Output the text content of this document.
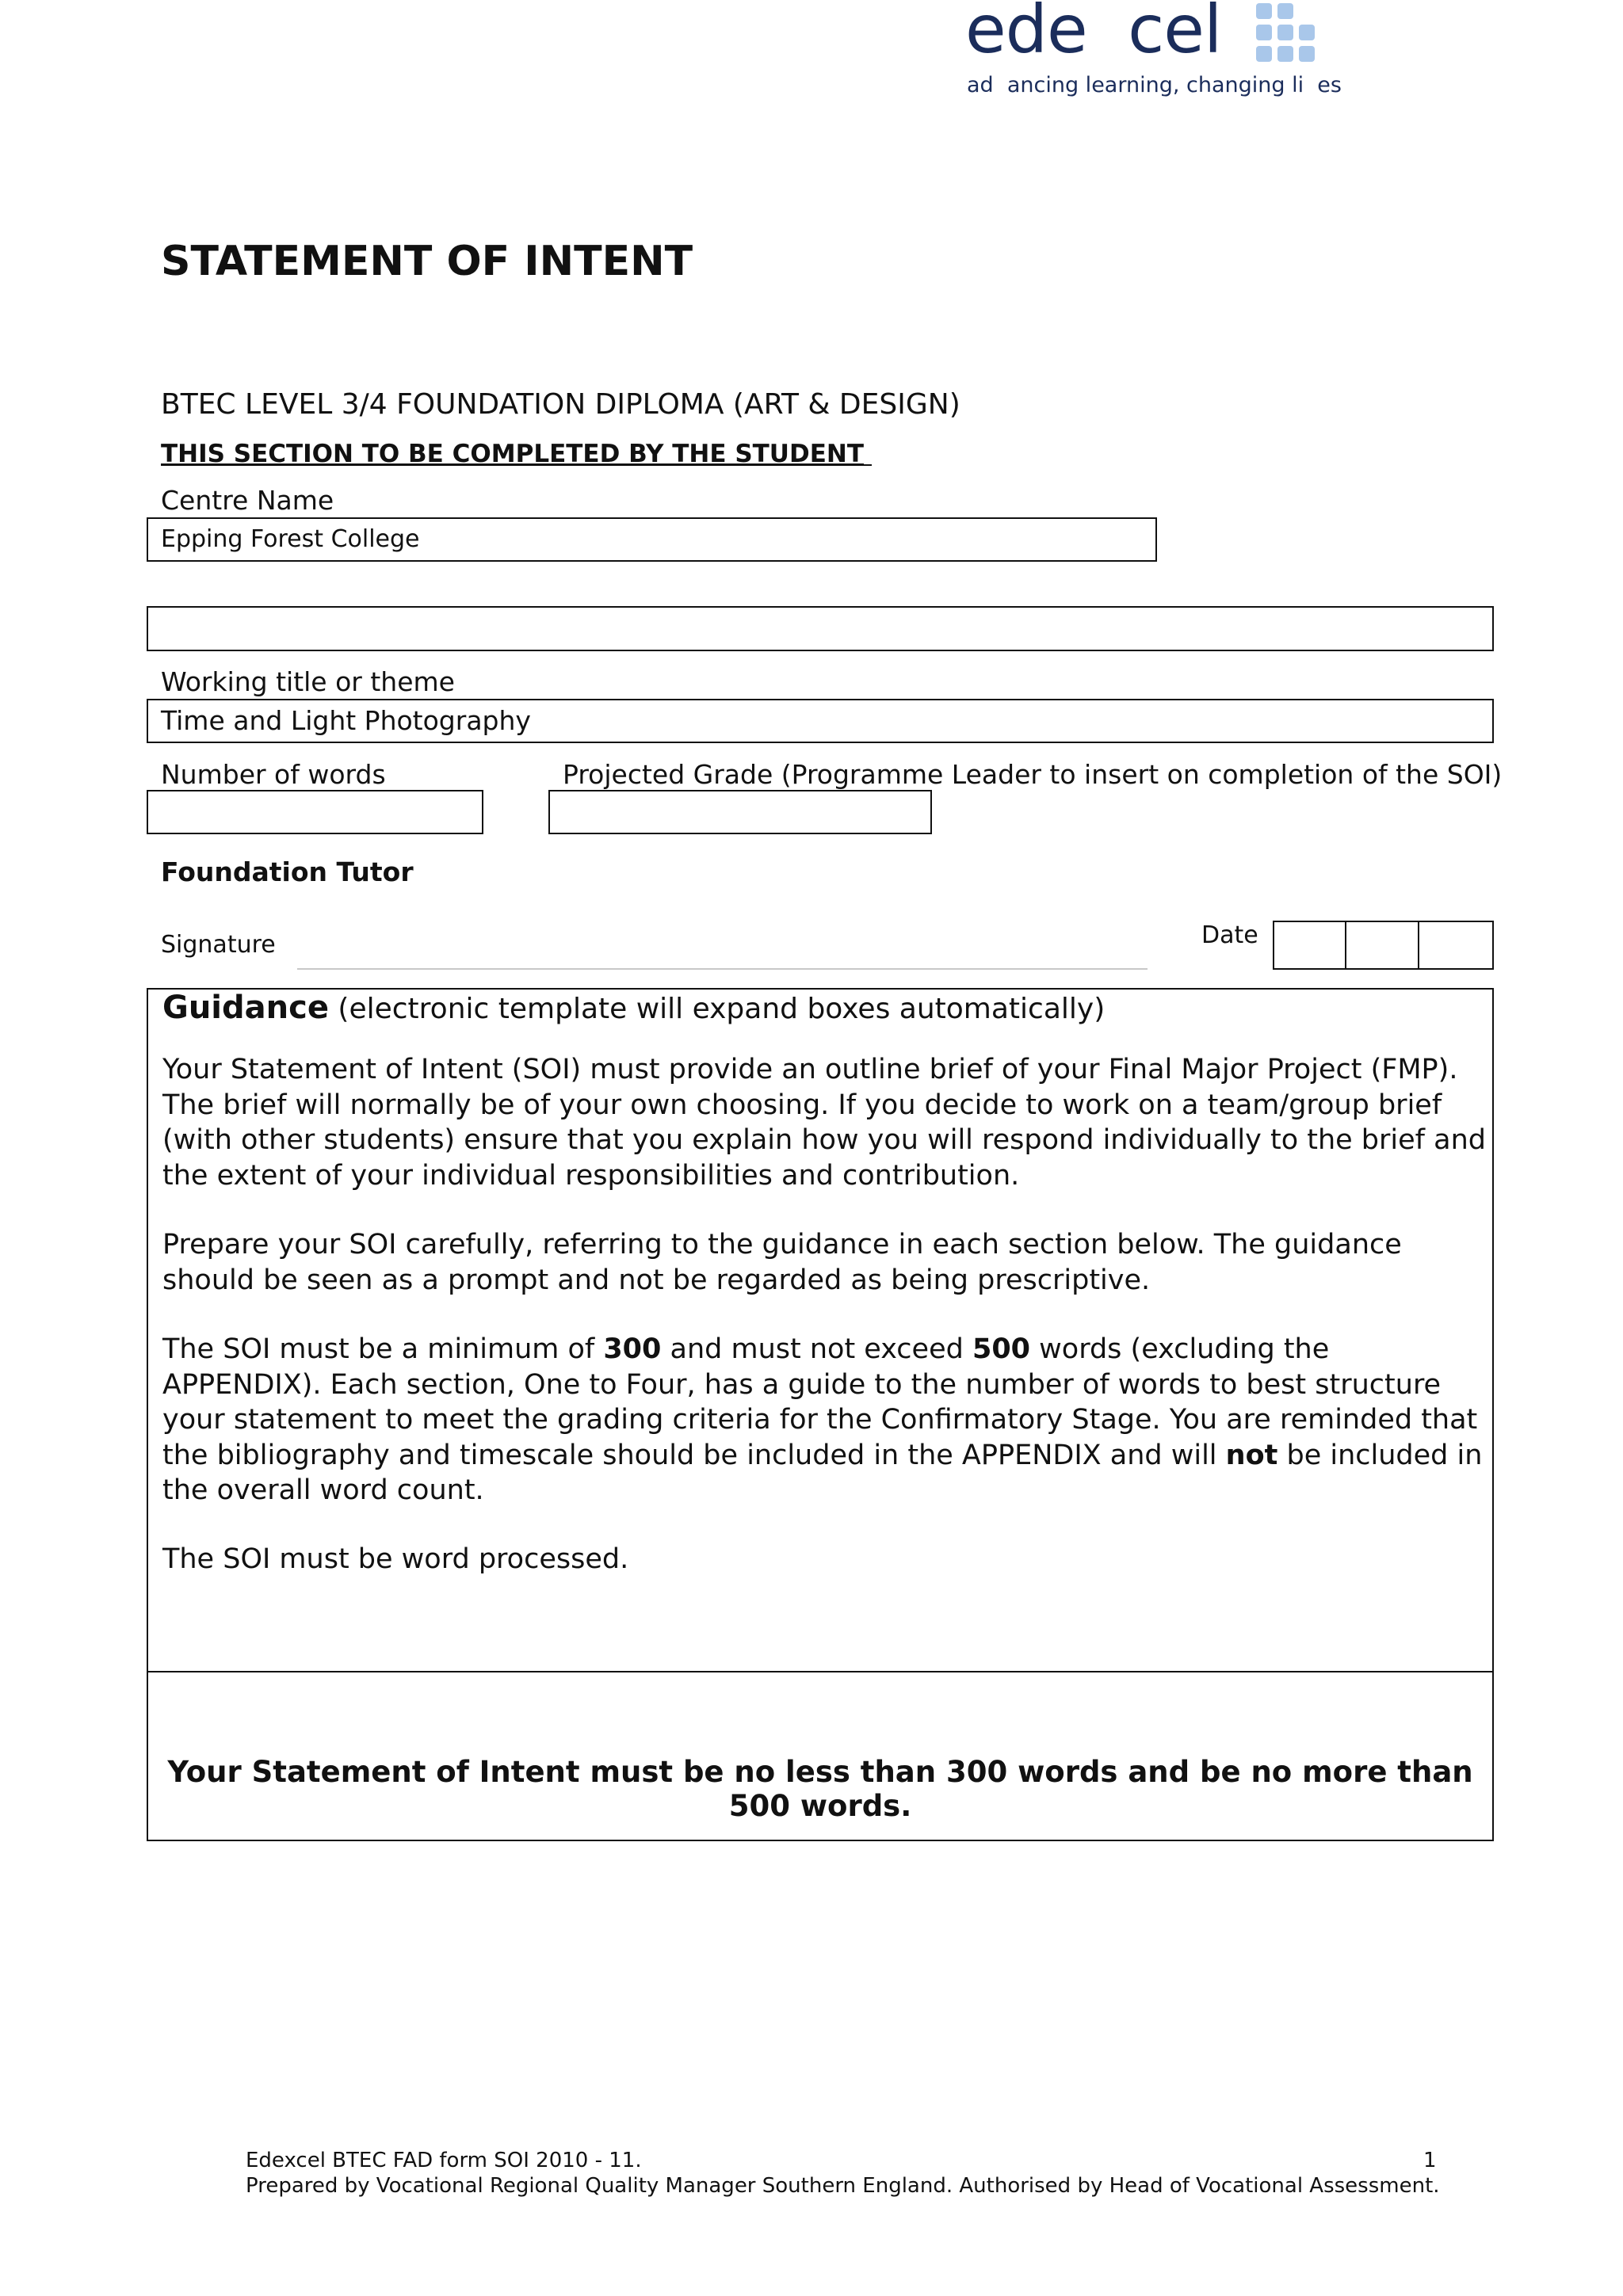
ede  cel
ad  ancing learning, changing li  es
STATEMENT OF INTENT
BTEC LEVEL 3/4 FOUNDATION DIPLOMA (ART & DESIGN)
THIS SECTION TO BE COMPLETED BY THE STUDENT
Centre Name
Epping Forest College
Working title or theme
Time and Light Photography
Number of words	Projected Grade (Programme Leader to insert on completion of the SOI)
Foundation Tutor
Signature	Date
Guidance (electronic template will expand boxes automatically)

Your Statement of Intent (SOI) must provide an outline brief of your Final Major Project (FMP). The brief will normally be of your own choosing. If you decide to work on a team/group brief (with other students) ensure that you explain how you will respond individually to the brief and the extent of your individual responsibilities and contribution.

Prepare your SOI carefully, referring to the guidance in each section below. The guidance should be seen as a prompt and not be regarded as being prescriptive.

The SOI must be a minimum of 300 and must not exceed 500 words (excluding the APPENDIX). Each section, One to Four, has a guide to the number of words to best structure your statement to meet the grading criteria for the Confirmatory Stage. You are reminded that the bibliography and timescale should be included in the APPENDIX and will not be included in the overall word count.

The SOI must be word processed.

Your Statement of Intent must be no less than 300 words and be no more than 500 words.
Edexcel BTEC FAD form SOI 2010 - 11.	1
Prepared by Vocational Regional Quality Manager Southern England. Authorised by Head of Vocational Assessment.
